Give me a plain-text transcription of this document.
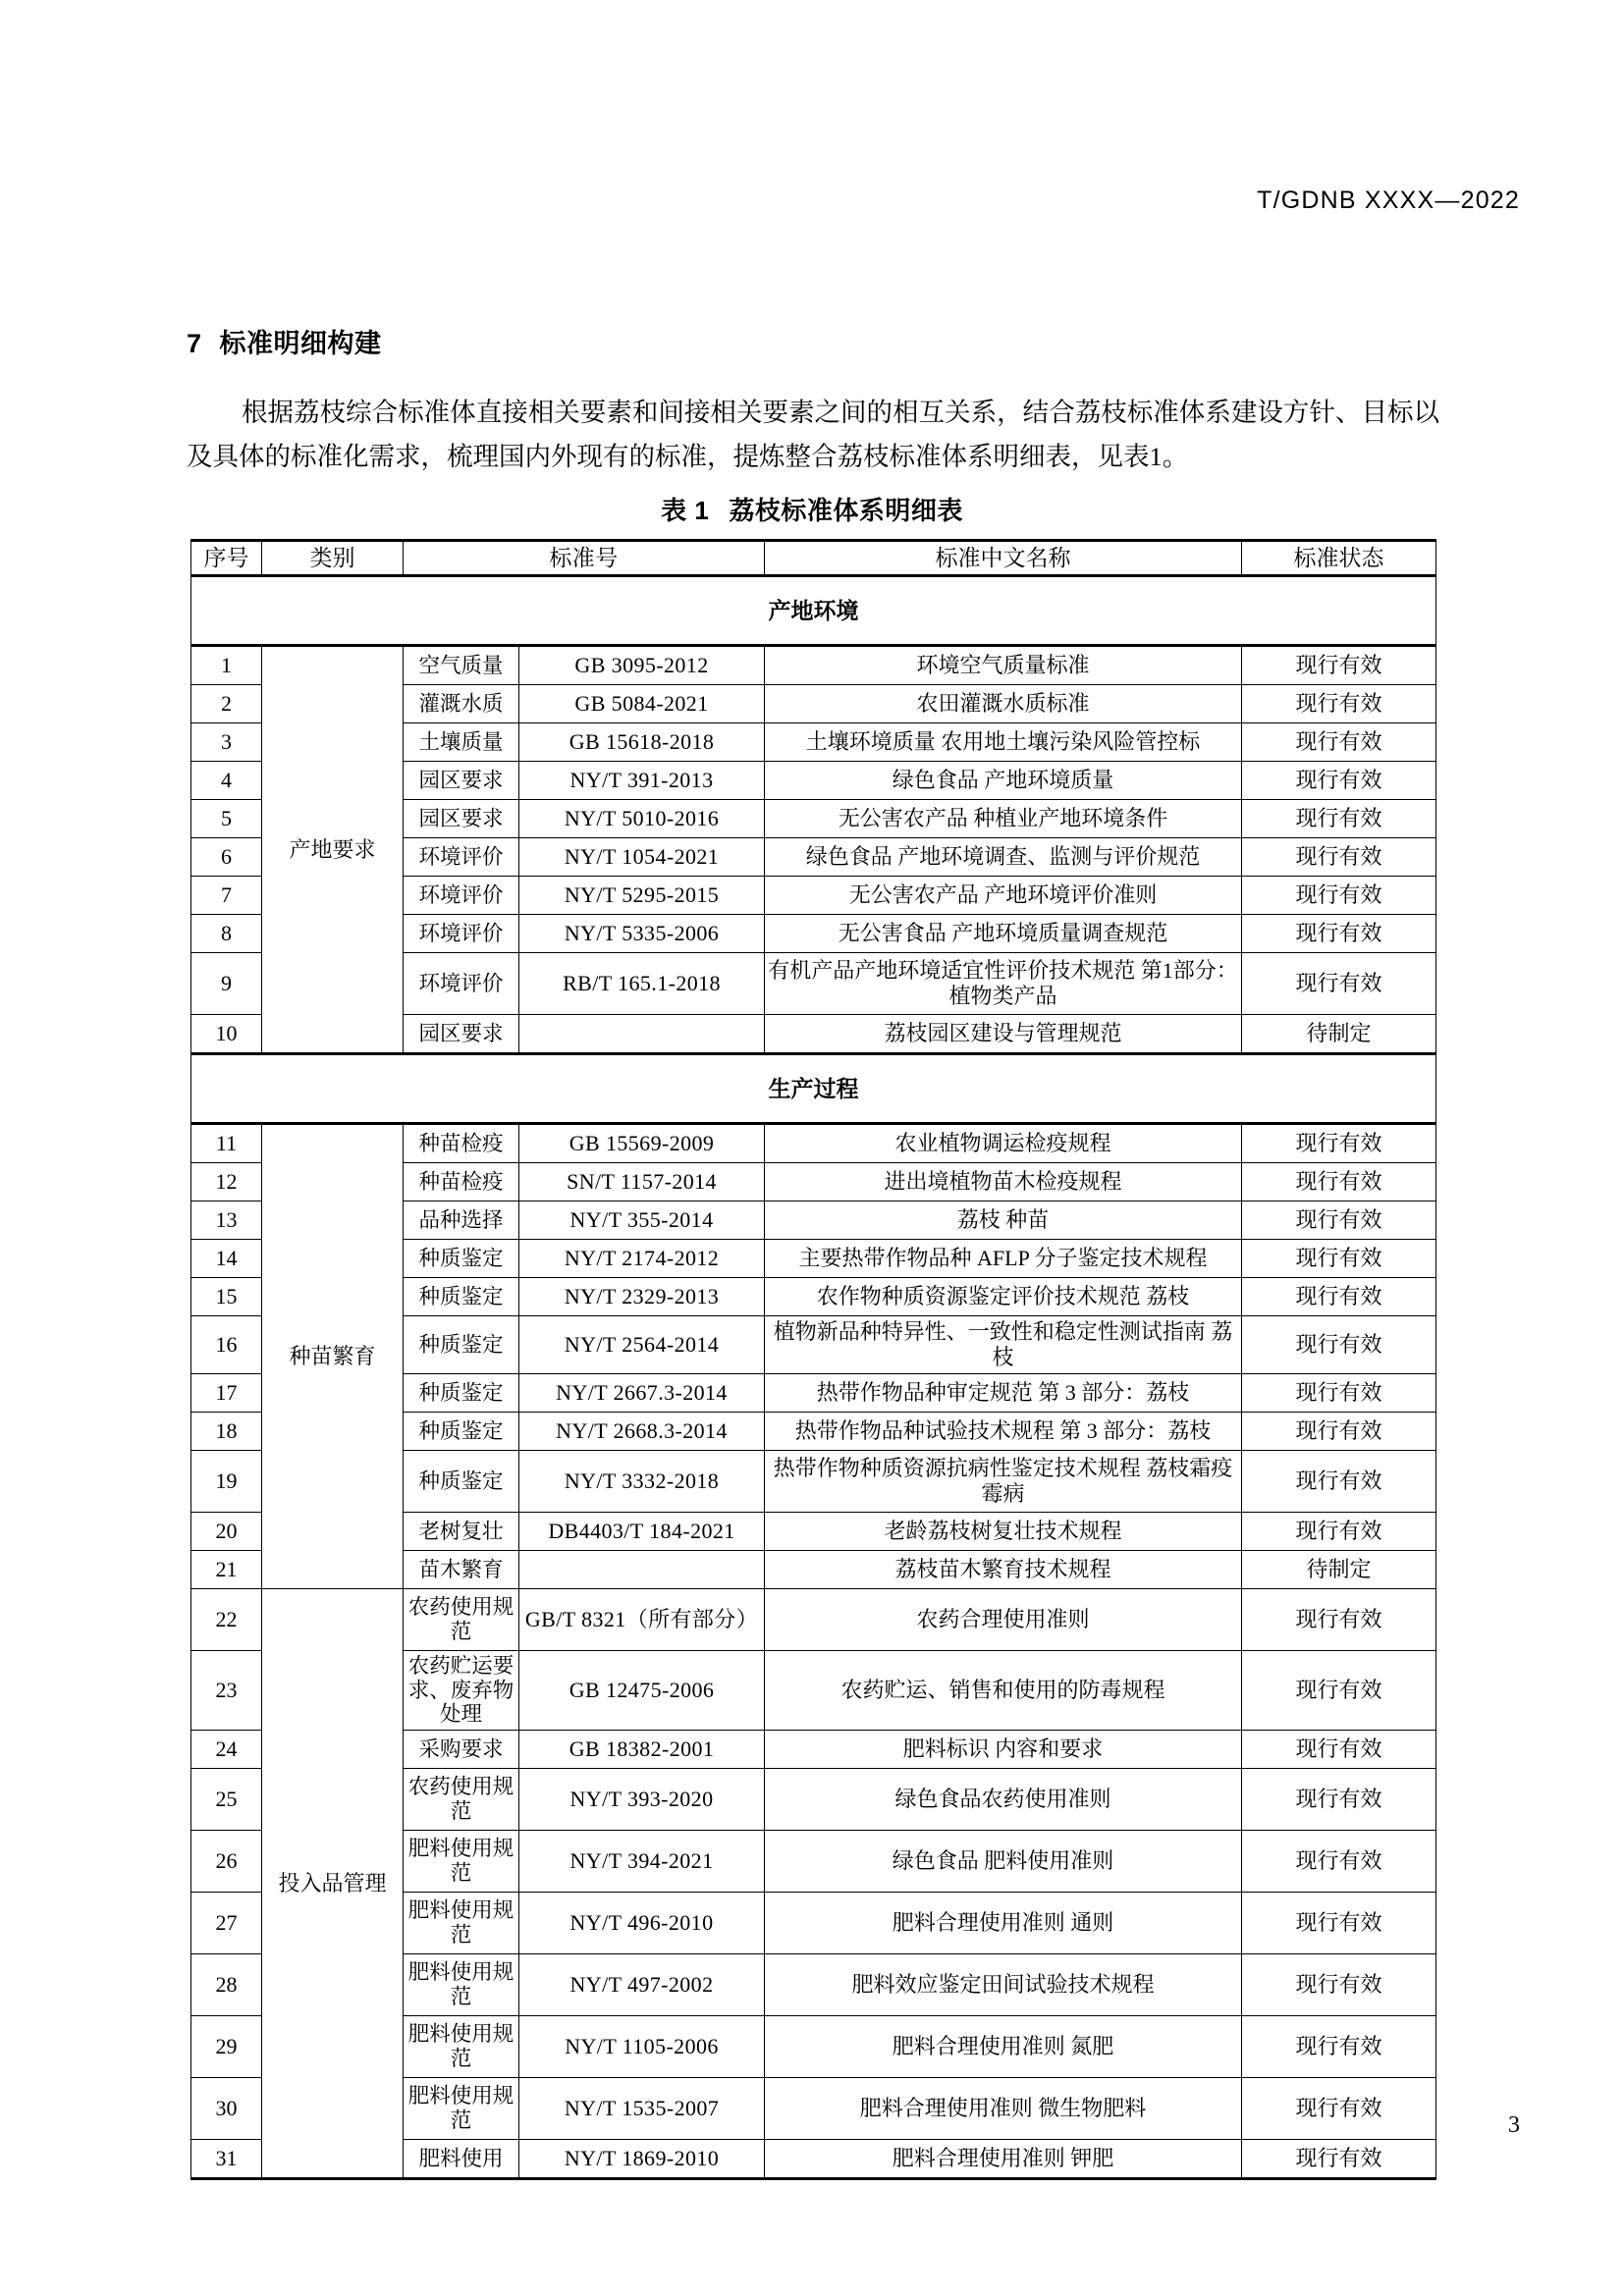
T/GDNB XXXX—2022
7 标准明细构建
根据荔枝综合标准体直接相关要素和间接相关要素之间的相互关系，结合荔枝标准体系建设方针、目标以及具体的标准化需求，梳理国内外现有的标准，提炼整合荔枝标准体系明细表，见表1。
表 1 荔枝标准体系明细表
序号	类别	标准号		标准中文名称	标准状态
产地环境					
1	产地要求	空气质量	GB 3095-2012	环境空气质量标准	现行有效
2		灌溉水质	GB 5084-2021	农田灌溉水质标准	现行有效
3		土壤质量	GB 15618-2018	土壤环境质量 农用地土壤污染风险管控标	现行有效
4		园区要求	NY/T 391-2013	绿色食品 产地环境质量	现行有效
5		园区要求	NY/T 5010-2016	无公害农产品 种植业产地环境条件	现行有效
6		环境评价	NY/T 1054-2021	绿色食品 产地环境调查、监测与评价规范	现行有效
7		环境评价	NY/T 5295-2015	无公害农产品 产地环境评价准则	现行有效
8		环境评价	NY/T 5335-2006	无公害食品 产地环境质量调查规范	现行有效
9		环境评价	RB/T 165.1-2018	有机产品产地环境适宜性评价技术规范 第1部分：植物类产品	现行有效
10		园区要求		荔枝园区建设与管理规范	待制定
生产过程					
11	种苗繁育	种苗检疫	GB 15569-2009	农业植物调运检疫规程	现行有效
12		种苗检疫	SN/T 1157-2014	进出境植物苗木检疫规程	现行有效
13		品种选择	NY/T 355-2014	荔枝 种苗	现行有效
14		种质鉴定	NY/T 2174-2012	主要热带作物品种 AFLP 分子鉴定技术规程	现行有效
15		种质鉴定	NY/T 2329-2013	农作物种质资源鉴定评价技术规范 荔枝	现行有效
16		种质鉴定	NY/T 2564-2014	植物新品种特异性、一致性和稳定性测试指南 荔枝	现行有效
17		种质鉴定	NY/T 2667.3-2014	热带作物品种审定规范 第 3 部分：荔枝	现行有效
18		种质鉴定	NY/T 2668.3-2014	热带作物品种试验技术规程 第 3 部分：荔枝	现行有效
19		种质鉴定	NY/T 3332-2018	热带作物种质资源抗病性鉴定技术规程 荔枝霜疫霉病	现行有效
20		老树复壮	DB4403/T 184-2021	老龄荔枝树复壮技术规程	现行有效
21		苗木繁育		荔枝苗木繁育技术规程	待制定
22	投入品管理	农药使用规范	GB/T 8321（所有部分）	农药合理使用准则	现行有效
23		农药贮运要求、废弃物处理	GB 12475-2006	农药贮运、销售和使用的防毒规程	现行有效
24		采购要求	GB 18382-2001	肥料标识 内容和要求	现行有效
25		农药使用规范	NY/T 393-2020	绿色食品农药使用准则	现行有效
26		肥料使用规范	NY/T 394-2021	绿色食品 肥料使用准则	现行有效
27		肥料使用规范	NY/T 496-2010	肥料合理使用准则 通则	现行有效
28		肥料使用规范	NY/T 497-2002	肥料效应鉴定田间试验技术规程	现行有效
29		肥料使用规范	NY/T 1105-2006	肥料合理使用准则 氮肥	现行有效
30		肥料使用规范	NY/T 1535-2007	肥料合理使用准则 微生物肥料	现行有效
31		肥料使用	NY/T 1869-2010	肥料合理使用准则 钾肥	现行有效
3
